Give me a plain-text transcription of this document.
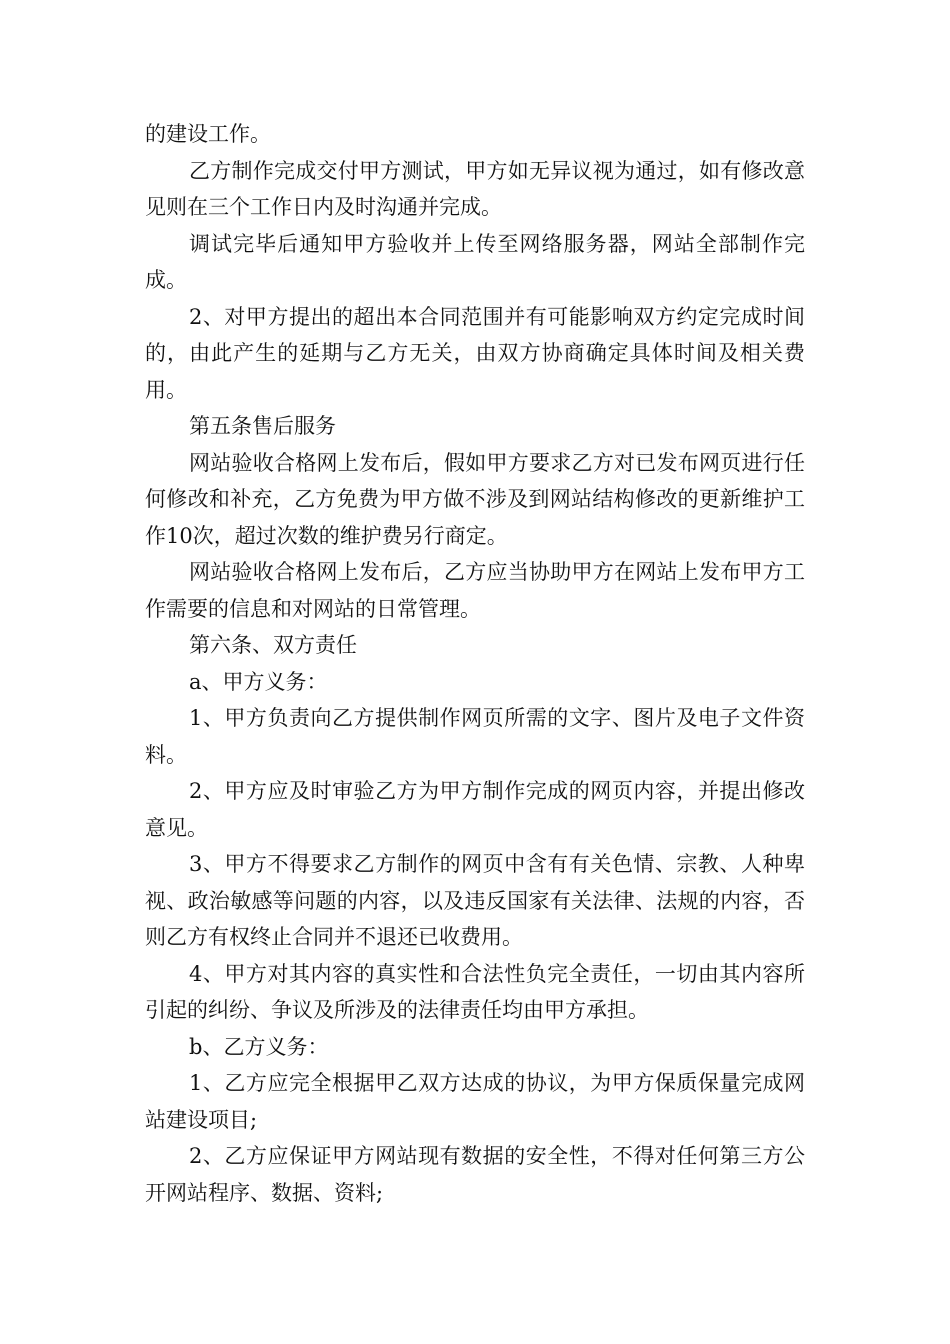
的建设工作。

乙方制作完成交付甲方测试，甲方如无异议视为通过，如有修改意见则在三个工作日内及时沟通并完成。

调试完毕后通知甲方验收并上传至网络服务器，网站全部制作完成。

2、对甲方提出的超出本合同范围并有可能影响双方约定完成时间的，由此产生的延期与乙方无关，由双方协商确定具体时间及相关费用。

第五条售后服务

网站验收合格网上发布后，假如甲方要求乙方对已发布网页进行任何修改和补充，乙方免费为甲方做不涉及到网站结构修改的更新维护工作10次，超过次数的维护费另行商定。

网站验收合格网上发布后，乙方应当协助甲方在网站上发布甲方工作需要的信息和对网站的日常管理。

第六条、双方责任

a、甲方义务：

1、甲方负责向乙方提供制作网页所需的文字、图片及电子文件资料。

2、甲方应及时审验乙方为甲方制作完成的网页内容，并提出修改意见。

3、甲方不得要求乙方制作的网页中含有有关色情、宗教、人种卑视、政治敏感等问题的内容，以及违反国家有关法律、法规的内容，否则乙方有权终止合同并不退还已收费用。

4、甲方对其内容的真实性和合法性负完全责任，一切由其内容所引起的纠纷、争议及所涉及的法律责任均由甲方承担。

b、乙方义务：

1、乙方应完全根据甲乙双方达成的协议，为甲方保质保量完成网站建设项目;

2、乙方应保证甲方网站现有数据的安全性，不得对任何第三方公开网站程序、数据、资料;
